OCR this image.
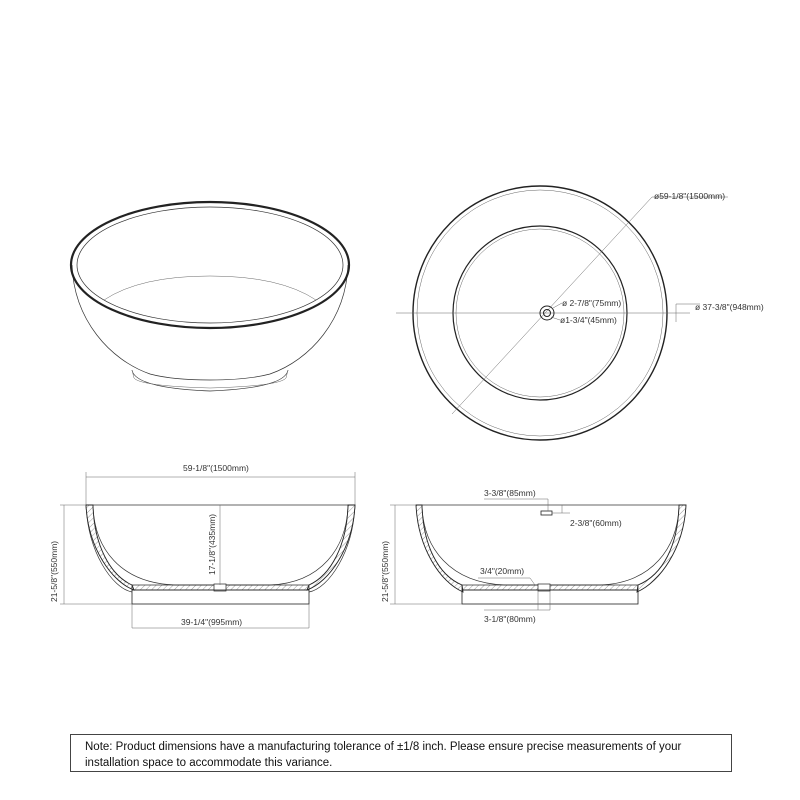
ø59-1/8"(1500mm)
ø 37-3/8"(948mm)
ø 2-7/8"(75mm)
ø1-3/4"(45mm)
59-1/8"(1500mm)
21-5/8"(550mm)	17-1/8"(435mm)
39-1/4"(995mm)
21-5/8"(550mm)
3-3/8"(85mm)
2-3/8"(60mm)
3/4"(20mm)
3-1/8"(80mm)
Note: Product dimensions have a manufacturing tolerance of ±1/8 inch. Please ensure precise measurements of your installation space to accommodate this variance.
